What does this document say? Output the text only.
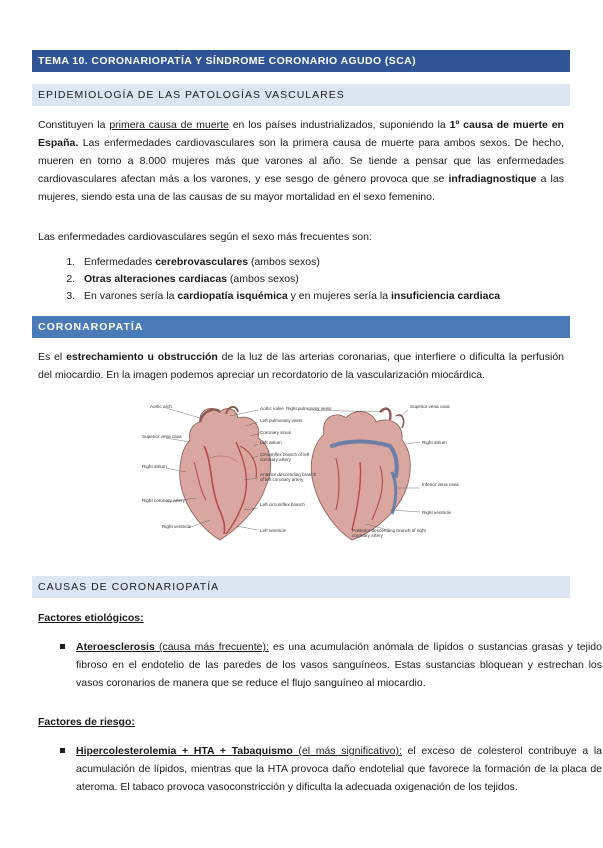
TEMA 10. CORONARIOPATÍA Y SÍNDROME CORONARIO AGUDO (SCA)
EPIDEMIOLOGÍA DE LAS PATOLOGÍAS VASCULARES

Constituyen la primera causa de muerte en los países industrializados, suponiendo la 1º causa de muerte en España. Las enfermedades cardiovasculares son la primera causa de muerte para ambos sexos. De hecho, mueren en torno a 8.000 mujeres más que varones al año. Se tiende a pensar que las enfermedades cardiovasculares afectan más a los varones, y ese sesgo de género provoca que se infradiagnostique a las mujeres, siendo esta una de las causas de su mayor mortalidad en el sexo femenino.

Las enfermedades cardiovasculares según el sexo más frecuentes son:

1. Enfermedades cerebrovasculares (ambos sexos)
2. Otras alteraciones cardiacas (ambos sexos)
3. En varones sería la cardiopatía isquémica y en mujeres sería la insuficiencia cardiaca
CORONAROPATÍA

Es el estrechamiento u obstrucción de la luz de las arterias coronarias, que interfiere o dificulta la perfusión del miocardio. En la imagen podemos apreciar un recordatorio de la vascularización miocárdica.

Aortic arch
Superior vena cava
Right atrium
Right coronary artery
Right ventricle
Aortic valve
Left pulmonary veins
Coronary sinus
Left atrium
Circumflex branch of left coronary artery
Anterior descending branch of left coronary artery
Left circumflex branch
Left ventricle
Right pulmonary veins	Superior vena cava
Right atrium
Inferior vena cava
Right ventricle
Posterior descending branch of right coronary artery
CAUSAS DE CORONARIOPATÍA

Factores etiológicos:

Ateroesclerosis (causa más frecuente): es una acumulación anómala de lípidos o sustancias grasas y tejido fibroso en el endotelio de las paredes de los vasos sanguíneos. Estas sustancias bloquean y estrechan los vasos coronarios de manera que se reduce el flujo sanguíneo al miocardio.

Factores de riesgo:

Hipercolesterolemia + HTA + Tabaquismo (el más significativo): el exceso de colesterol contribuye a la acumulación de lípidos, mientras que la HTA provoca daño endotelial que favorece la formación de la placa de ateroma. El tabaco provoca vasoconstricción y dificulta la adecuada oxigenación de los tejidos.
